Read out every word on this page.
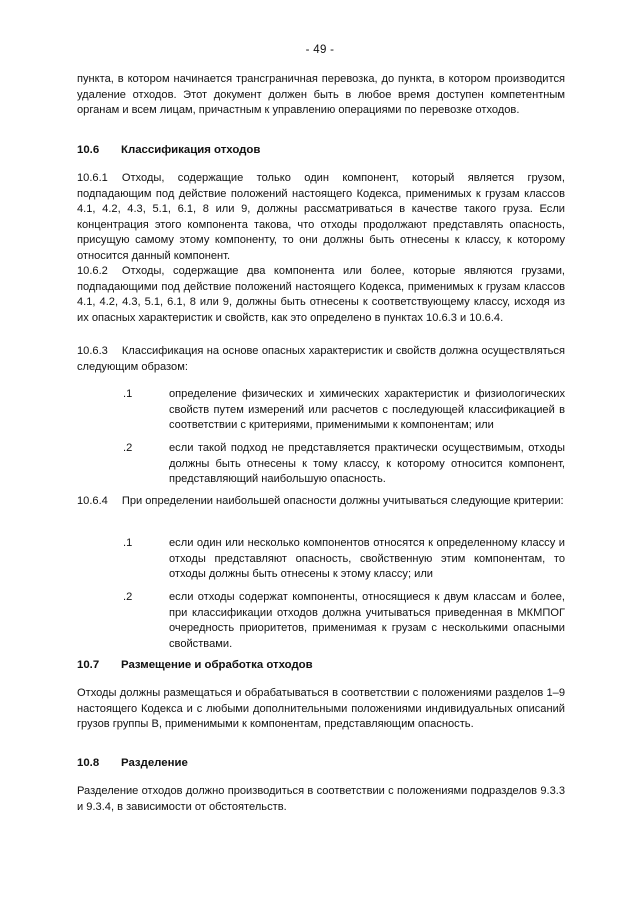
- 49 -

пункта, в котором начинается трансграничная перевозка, до пункта, в котором производится удаление отходов. Этот документ должен быть в любое время доступен компетентным органам и всем лицам, причастным к управлению операциями по перевозке отходов.

10.6 Классификация отходов

10.6.1 Отходы, содержащие только один компонент, который является грузом, подпадающим под действие положений настоящего Кодекса, применимых к грузам классов 4.1, 4.2, 4.3, 5.1, 6.1, 8 или 9, должны рассматриваться в качестве такого груза. Если концентрация этого компонента такова, что отходы продолжают представлять опасность, присущую самому этому компоненту, то они должны быть отнесены к классу, к которому относится данный компонент.

10.6.2 Отходы, содержащие два компонента или более, которые являются грузами, подпадающими под действие положений настоящего Кодекса, применимых к грузам классов 4.1, 4.2, 4.3, 5.1, 6.1, 8 или 9, должны быть отнесены к соответствующему классу, исходя из их опасных характеристик и свойств, как это определено в пунктах 10.6.3 и 10.6.4.

10.6.3 Классификация на основе опасных характеристик и свойств должна осуществляться следующим образом:

.1	определение физических и химических характеристик и физиологических свойств путем измерений или расчетов с последующей классификацией в соответствии с критериями, применимыми к компонентам; или
.2	если такой подход не представляется практически осуществимым, отходы должны быть отнесены к тому классу, к которому относится компонент, представляющий наибольшую опасность.

10.6.4 При определении наибольшей опасности должны учитываться следующие критерии:

.1	если один или несколько компонентов относятся к определенному классу и отходы представляют опасность, свойственную этим компонентам, то отходы должны быть отнесены к этому классу; или
.2	если отходы содержат компоненты, относящиеся к двум классам и более, при классификации отходов должна учитываться приведенная в МКМПОГ очередность приоритетов, применимая к грузам с несколькими опасными свойствами.
10.7 Размещение и обработка отходов

Отходы должны размещаться и обрабатываться в соответствии с положениями разделов 1–9 настоящего Кодекса и с любыми дополнительными положениями индивидуальных описаний грузов группы B, применимыми к компонентам, представляющим опасность.

10.8 Разделение

Разделение отходов должно производиться в соответствии с положениями подразделов 9.3.3 и 9.3.4, в зависимости от обстоятельств.
